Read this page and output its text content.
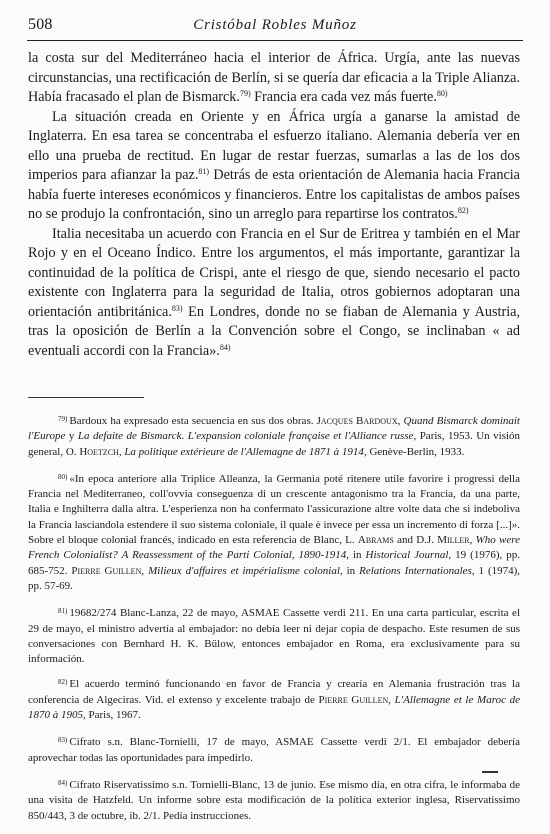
508	Cristóbal Robles Muñoz

la costa sur del Mediterráneo hacia el interior de África. Urgía, ante las nuevas circunstancias, una rectificación de Berlín, si se quería dar eficacia a la Triple Alianza. Había fracasado el plan de Bismarck.$^{79)}$ Francia era cada vez más fuerte.$^{80)}$

La situación creada en Oriente y en África urgía a ganarse la amistad de Inglaterra. En esa tarea se concentraba el esfuerzo italiano. Alemania debería ver en ello una prueba de rectitud. En lugar de restar fuerzas, sumarlas a las de los dos imperios para afianzar la paz.$^{81)}$ Detrás de esta orientación de Alemania hacia Francia había fuerte intereses económicos y financieros. Entre los capitalistas de ambos países no se produjo la confrontación, sino un arreglo para repartirse los contratos.$^{82)}$

Italia necesitaba un acuerdo con Francia en el Sur de Eritrea y también en el Mar Rojo y en el Oceano Índico. Entre los argumentos, el más importante, garantizar la continuidad de la política de Crispi, ante el riesgo de que, siendo necesario el pacto existente con Inglaterra para la seguridad de Italia, otros gobiernos adoptaran una orientación antibritánica.$^{83)}$ En Londres, donde no se fiaban de Alemania y Austria, tras la oposición de Berlín a la Convención sobre el Congo, se inclinaban « ad eventuali accordi con la Francia».$^{84)}$

$^{79)}$ Bardoux ha expresado esta secuencia en sus dos obras. Jacques Bardoux, Quand Bismarck dominait l'Europe y La defaite de Bismarck. L'expansion coloniale française et l'Alliance russe, Paris, 1953. Un visión general, O. Hoetzch, La politique extérieure de l'Allemagne de 1871 à 1914, Genève-Berlin, 1933.

$^{80)}$ «In epoca anteriore alla Triplice Alleanza, la Germania poté ritenere utile favorire i progressi della Francia nel Mediterraneo, coll'ovvia conseguenza di un crescente antagonismo tra la Francia, da una parte, Italia e Inghilterra dalla altra. L'esperienza non ha confermato l'assicurazione altre volte data che si indeboliva la Francia lasciandola estendere il suo sistema coloniale, il quale è invece per essa un incremento di forza [...]». Sobre el bloque colonial francés, indicado en esta referencia de Blanc, L. Abrams and D.J. Miller, Who were French Colonialist? A Reassessment of the Parti Colonial, 1890-1914, in Historical Journal, 19 (1976), pp. 685-752. Pierre Guillen, Milieux d'affaires et impérialisme colonial, in Relations Internationales, 1 (1974), pp. 57-69.

$^{81)}$ 19682/274 Blanc-Lanza, 22 de mayo, ASMAE Cassette verdi 211. En una carta particular, escrita el 29 de mayo, el ministro advertía al embajador: no debía leer ni dejar copia de despacho. Este resumen de sus conversaciones con Bernhard H. K. Bülow, entonces embajador en Roma, era exclusivamente para su información.

$^{82)}$ El acuerdo terminó funcionando en favor de Francia y crearía en Alemania frustración tras la conferencia de Algeciras. Vid. el extenso y excelente trabajo de Pierre Guillen, L'Allemagne et le Maroc de 1870 à 1905, Paris, 1967.

$^{83)}$ Cifrato s.n. Blanc-Tornielli, 17 de mayo, ASMAE Cassette verdi 2/1. El embajador debería aprovechar todas las oportunidades para impedirlo.

$^{84)}$ Cifrato Riservatissimo s.n. Tornielli-Blanc, 13 de junio. Ese mismo día, en otra cifra, le informaba de una visita de Hatzfeld. Un informe sobre esta modificación de la política exterior inglesa, Riservatissimo 850/443, 3 de octubre, ib. 2/1. Pedía instrucciones.
